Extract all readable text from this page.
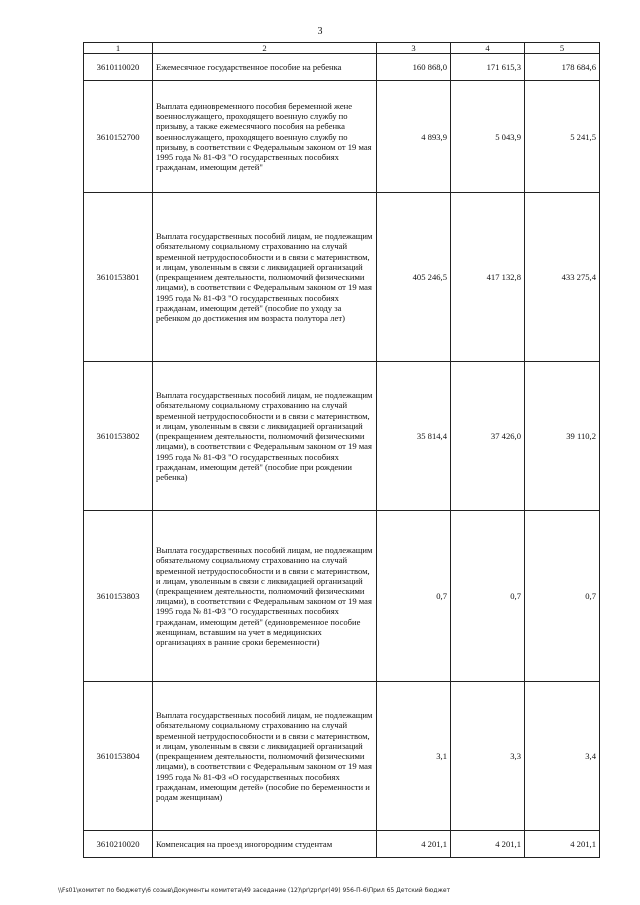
3
1	2	3	4	5
3610110020	Ежемесячное государственное пособие на ребенка	160 868,0	171 615,3	178 684,6
3610152700	Выплата единовременного пособия беременной жене военнослужащего, проходящего военную службу по призыву, а также ежемесячного пособия на ребенка военнослужащего, проходящего военную службу по призыву, в соответствии с Федеральным законом от 19 мая 1995 года № 81-ФЗ "О государственных пособиях гражданам, имеющим детей"	4 893,9	5 043,9	5 241,5
3610153801	Выплата государственных пособий лицам, не подлежащим обязательному социальному страхованию на случай временной нетрудоспособности и в связи с материнством, и лицам, уволенным в связи с ликвидацией организаций (прекращением деятельности, полномочий физическими лицами), в соответствии с Федеральным законом от 19 мая 1995 года № 81-ФЗ "О государственных пособиях гражданам, имеющим детей" (пособие по уходу за ребенком до достижения им возраста полутора лет)	405 246,5	417 132,8	433 275,4
3610153802	Выплата государственных пособий лицам, не подлежащим обязательному социальному страхованию на случай временной нетрудоспособности и в связи с материнством, и лицам, уволенным в связи с ликвидацией организаций (прекращением деятельности, полномочий физическими лицами), в соответствии с Федеральным законом от 19 мая 1995 года № 81-ФЗ "О государственных пособиях гражданам, имеющим детей" (пособие при рождении ребенка)	35 814,4	37 426,0	39 110,2
3610153803	Выплата государственных пособий лицам, не подлежащим обязательному социальному страхованию на случай временной нетрудоспособности и в связи с материнством, и лицам, уволенным в связи с ликвидацией организаций (прекращением деятельности, полномочий физическими лицами), в соответствии с Федеральным законом от 19 мая 1995 года № 81-ФЗ "О государственных пособиях гражданам, имеющим детей" (единовременное пособие женщинам, вставшим на учет в медицинских организациях в ранние сроки беременности)	0,7	0,7	0,7
3610153804	Выплата государственных пособий лицам, не подлежащим обязательному социальному страхованию на случай временной нетрудоспособности и в связи с материнством, и лицам, уволенным в связи с ликвидацией организаций (прекращением деятельности, полномочий физическими лицами), в соответствии с Федеральным законом от 19 мая 1995 года № 81-ФЗ «О государственных пособиях гражданам, имеющим детей» (пособие по беременности и родам женщинам)	3,1	3,3	3,4
3610210020	Компенсация на проезд иногородним студентам	4 201,1	4 201,1	4 201,1
\\Fs01\комитет по бюджету\6 созыв\Документы комитета\49 заседание (12)\pr\zpr\pr(49) 956-П-6\Прил 65 Детский бюджет
